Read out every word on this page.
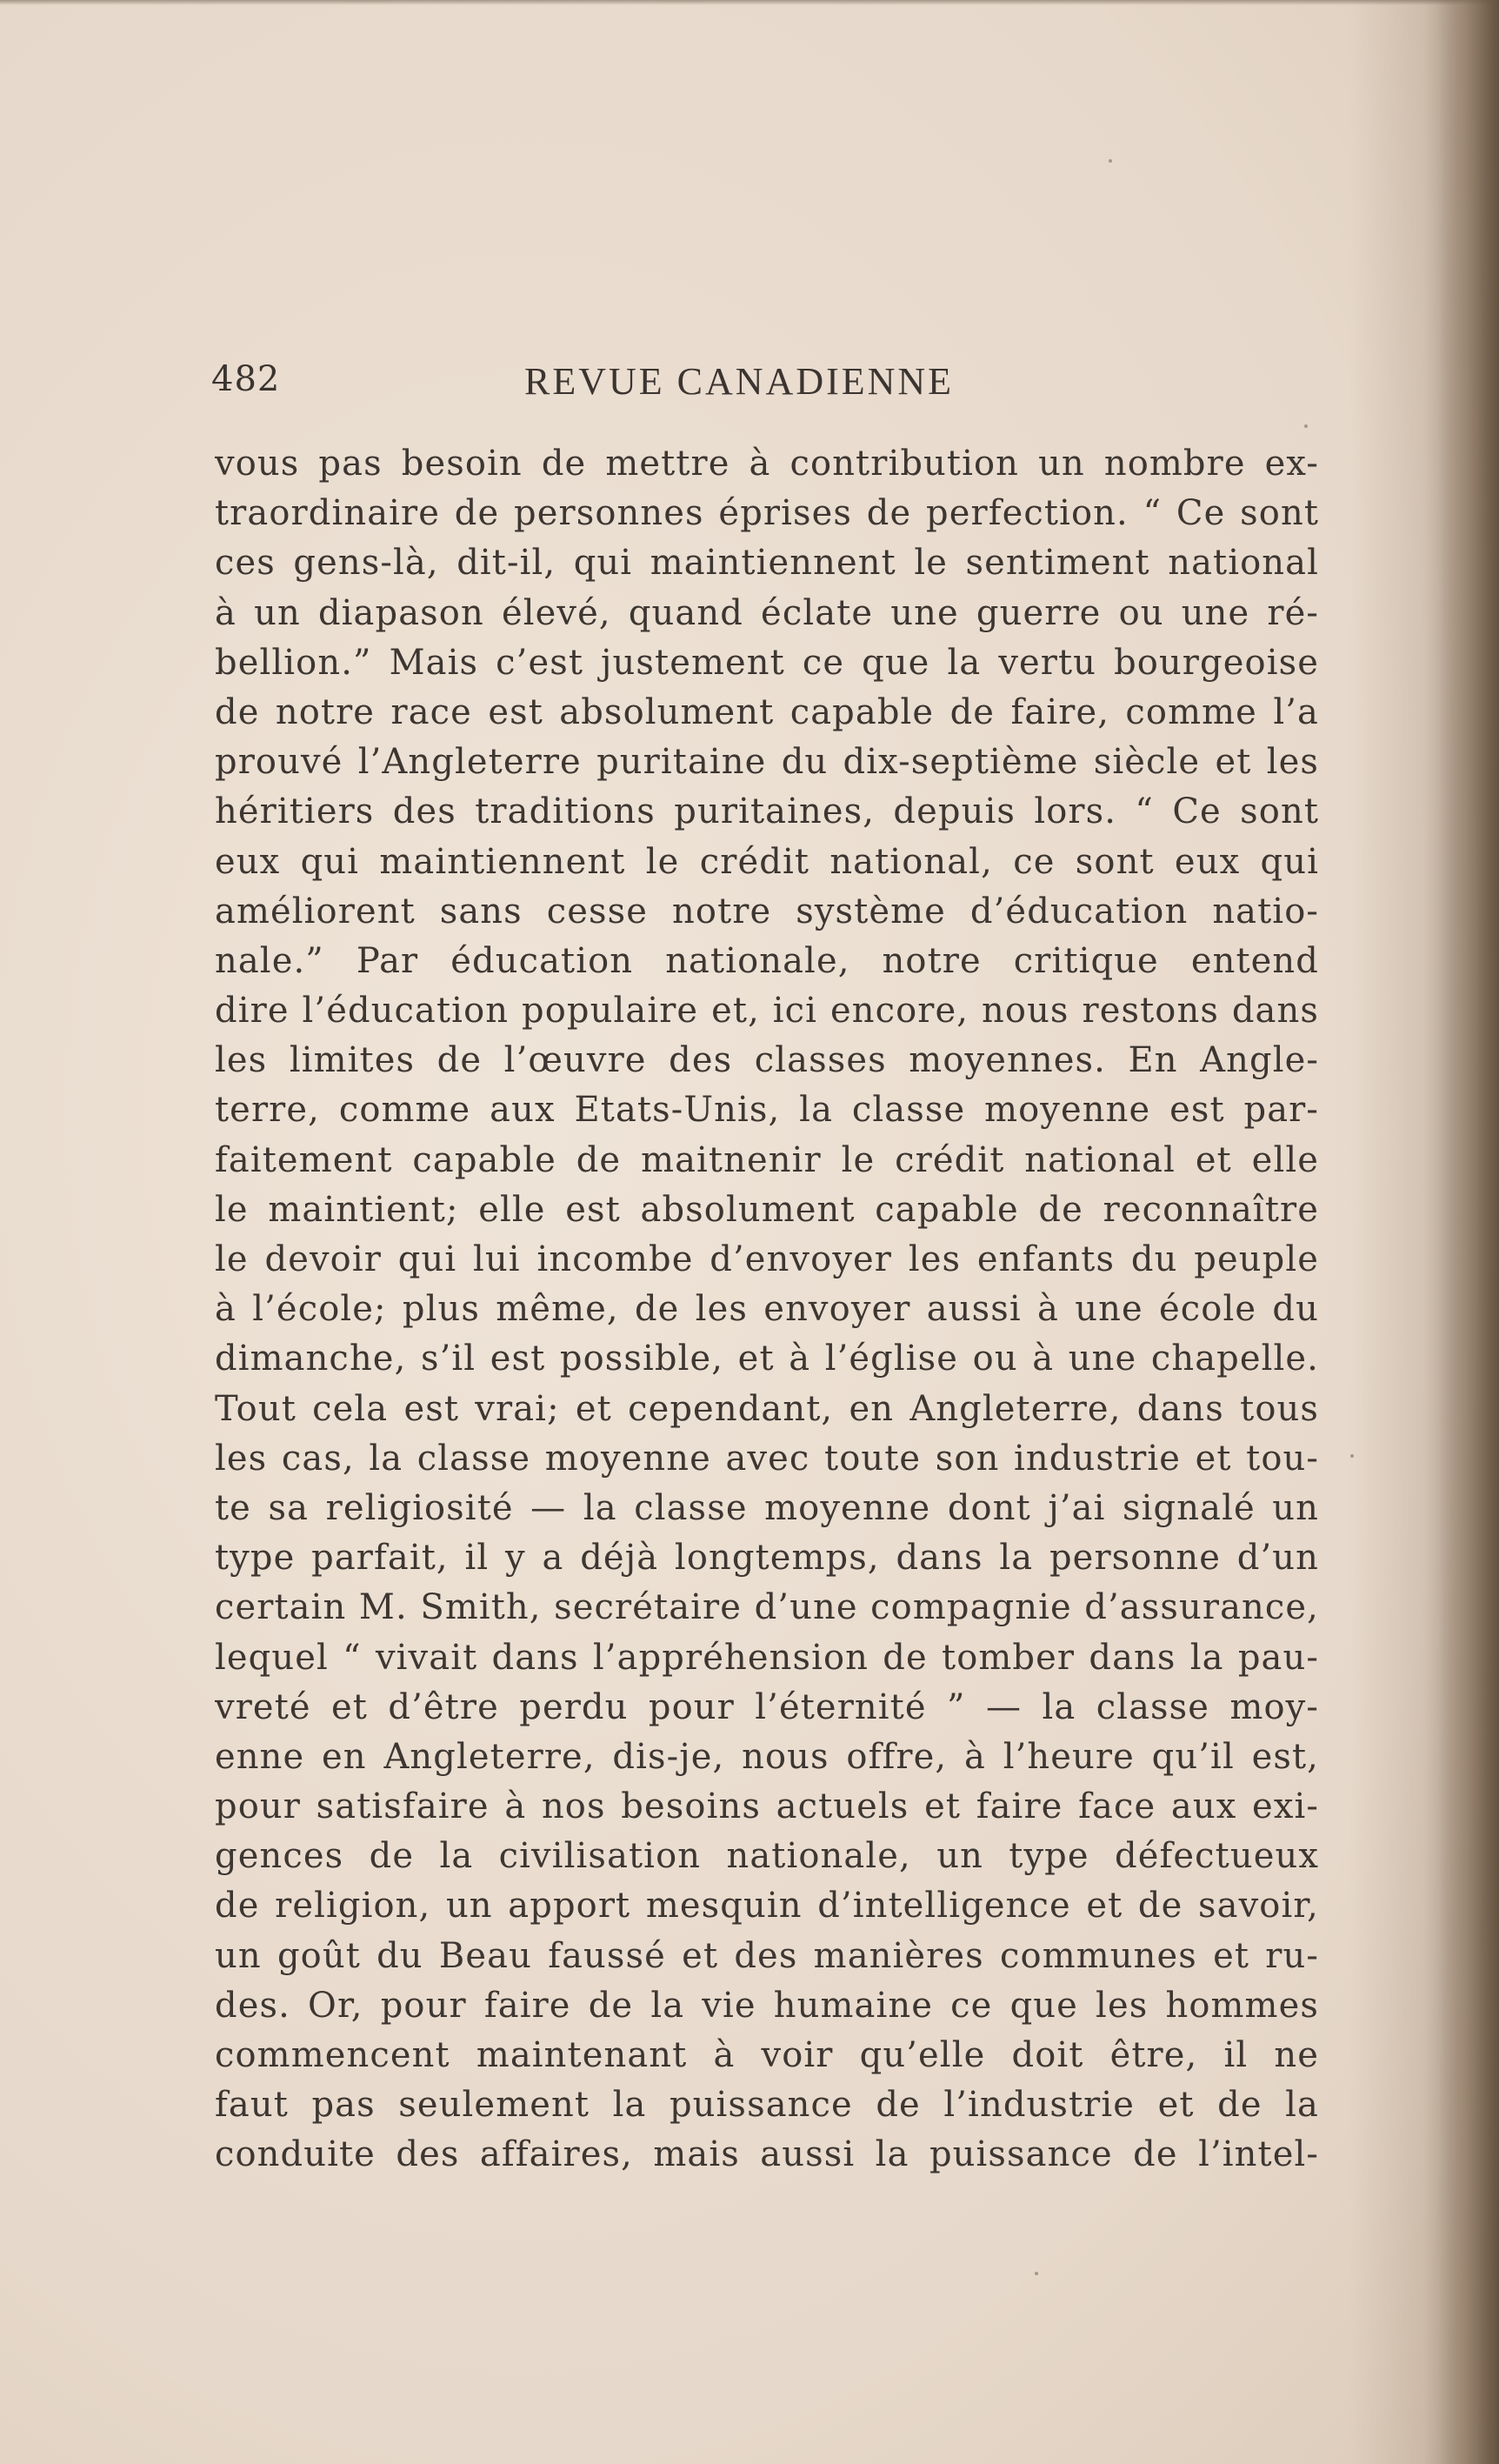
482	REVUE CANADIENNE
vous pas besoin de mettre à contribution un nombre ex-
traordinaire de personnes éprises de perfection. “ Ce sont
ces gens-là, dit-il, qui maintiennent le sentiment national
à un diapason élevé, quand éclate une guerre ou une ré-
bellion.” Mais c’est justement ce que la vertu bourgeoise
de notre race est absolument capable de faire, comme l’a
prouvé l’Angleterre puritaine du dix-septième siècle et les
héritiers des traditions puritaines, depuis lors. “ Ce sont
eux qui maintiennent le crédit national, ce sont eux qui
améliorent sans cesse notre système d’éducation natio-
nale.” Par éducation nationale, notre critique entend
dire l’éducation populaire et, ici encore, nous restons dans
les limites de l’œuvre des classes moyennes. En Angle-
terre, comme aux Etats-Unis, la classe moyenne est par-
faitement capable de maitnenir le crédit national et elle
le maintient; elle est absolument capable de reconnaître
le devoir qui lui incombe d’envoyer les enfants du peuple
à l’école; plus même, de les envoyer aussi à une école du
dimanche, s’il est possible, et à l’église ou à une chapelle.
Tout cela est vrai; et cependant, en Angleterre, dans tous
les cas, la classe moyenne avec toute son industrie et tou-
te sa religiosité — la classe moyenne dont j’ai signalé un
type parfait, il y a déjà longtemps, dans la personne d’un
certain M. Smith, secrétaire d’une compagnie d’assurance,
lequel “ vivait dans l’appréhension de tomber dans la pau-
vreté et d’être perdu pour l’éternité ” — la classe moy-
enne en Angleterre, dis-je, nous offre, à l’heure qu’il est,
pour satisfaire à nos besoins actuels et faire face aux exi-
gences de la civilisation nationale, un type défectueux
de religion, un apport mesquin d’intelligence et de savoir,
un goût du Beau faussé et des manières communes et ru-
des. Or, pour faire de la vie humaine ce que les hommes
commencent maintenant à voir qu’elle doit être, il ne
faut pas seulement la puissance de l’industrie et de la
conduite des affaires, mais aussi la puissance de l’intel-
